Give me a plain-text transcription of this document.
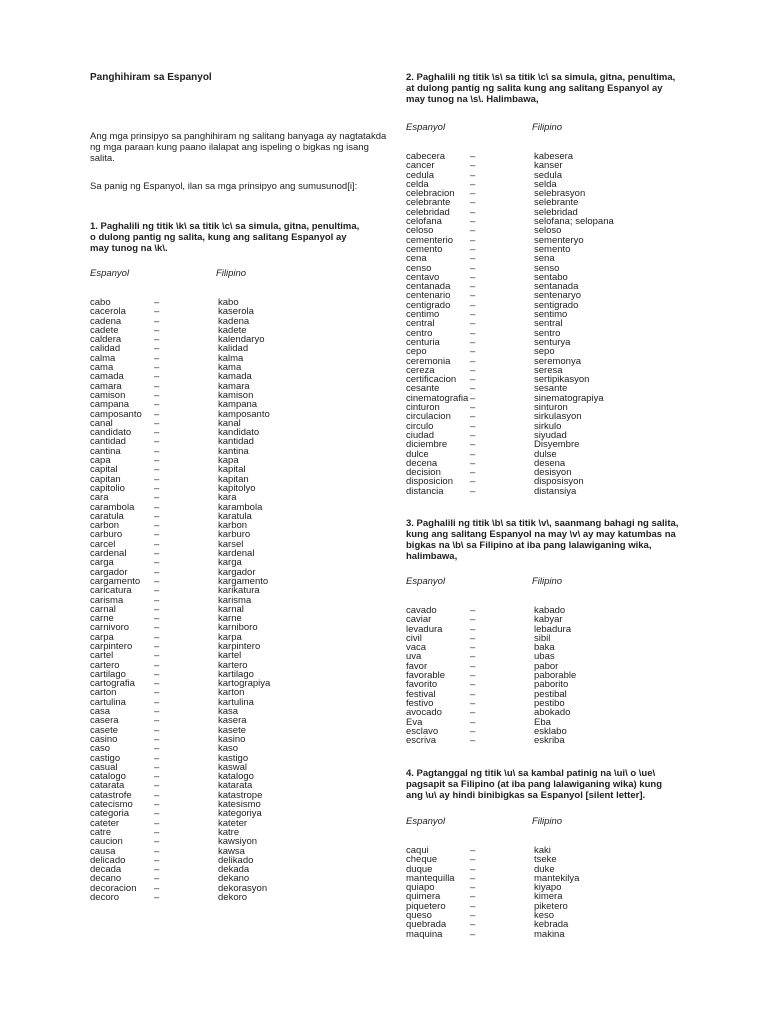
Panghihiram sa Espanyol
Ang mga prinsipyo sa panghihiram ng salitang banyaga ay nagtatakda ng mga paraan kung paano ilalapat ang ispeling o bigkas ng isang salita.
Sa panig ng Espanyol, ilan sa mga prinsipyo ang sumusunod[i]:
1. Paghalili ng titik \k\ sa titik \c\ sa simula, gitna, penultima, o dulong pantig ng salita, kung ang salitang Espanyol ay may tunog na \k\.
Espanyol	Filipino
cabo	–	kabo
cacerola	–	kaserola
cadena	–	kadena
cadete	–	kadete
caldera	–	kalendaryo
calidad	–	kalidad
calma	–	kalma
cama	–	kama
camada	–	kamada
camara	–	kamara
camison	–	kamison
campana	–	kampana
camposanto –	kamposanto
canal	–	kanal
candidato –	kandidato
cantidad	–	kantidad
cantina	–	kantina
capa	–	kapa
capital	–	kapital
capitan	–	kapitan
capitolio	–	kapitolyo
cara	–	kara
carambola –	karambola
caratula	–	karatula
carbon	–	karbon
carburo	–	karburo
carcel	–	karsel
cardenal	–	kardenal
carga	–	karga
cargador	–	kargador
cargamento –	kargamento
caricatura –	karikatura
carisma	–	karisma
carnal	–	karnal
carne	–	karne
carnivoro	–	karniboro
carpa	–	karpa
carpintero –	karpintero
cartel	–	kartel
cartero	–	kartero
cartilago	–	kartilago
cartografia –	kartograpiya
carton	–	karton
cartulina	–	kartulina
casa	–	kasa
casera	–	kasera
casete	–	kasete
casino	–	kasino
caso	–	kaso
castigo	–	kastigo
casual	–	kaswal
catalogo	–	katalogo
catarata	–	katarata
catastrofe –	katastrope
catecismo –	katesismo
categoria	–	kategoriya
cateter	–	kateter
catre	–	katre
caucion	–	kawsiyon
causa	–	kawsa
delicado	–	delikado
decada	–	dekada
decano	–	dekano
decoracion –	dekorasyon
decoro	–	dekoro
2. Paghalili ng titik \s\ sa titik \c\ sa simula, gitna, penultima, at dulong pantig ng salita kung ang salitang Espanyol ay may tunog na \s\. Halimbawa,
Espanyol	Filipino
cabecera	–	kabesera
cancer	–	kanser
cedula	–	sedula
celda	–	selda
celebracion –	selebrasyon
celebrante –	selebrante
celebridad –	selebridad
celofana	–	selofana; selopana
celoso	–	seloso
cementerio –	sementeryo
cemento	–	semento
cena	–	sena
censo	–	senso
centavo	–	sentabo
centanada –	sentanada
centenario –	sentenaryo
centigrado –	sentigrado
centimo	–	sentimo
central	–	sentral
centro	–	sentro
centuria	–	senturya
cepo	–	sepo
ceremonia –	seremonya
cereza	–	seresa
certificacion –	sertipikasyon
cesante	–	sesante
cinematografia –	sinematograpiya
cinturon	–	sinturon
circulacion –	sirkulasyon
circulo	–	sirkulo
ciudad	–	siyudad
diciembre –	Disyembre
dulce	–	dulse
decena	–	desena
decision	–	desisyon
disposicion –	disposisyon
distancia	–	distansiya
3. Paghalili ng titik \b\ sa titik \v\, saanmang bahagi ng salita, kung ang salitang Espanyol na may \v\ ay may katumbas na bigkas na \b\ sa Filipino at iba pang lalawiganing wika, halimbawa,
Espanyol	Filipino
cavado	–	kabado
caviar	–	kabyar
levadura	–	lebadura
civil	–	sibil
vaca	–	baka
uva	–	ubas
favor	–	pabor
favorable	–	paborable
favorito	–	paborito
festival	–	pestibal
festivo	–	pestibo
avocado	–	abokado
Eva	–	Eba
esclavo	–	esklabo
escriva	–	eskriba
4. Pagtanggal ng titik \u\ sa kambal patinig na \ui\ o \ue\ pagsapit sa Filipino (at iba pang lalawiganing wika) kung ang \u\ ay hindi binibigkas sa Espanyol [silent letter].
Espanyol	Filipino
caqui	–	kaki
cheque	–	tseke
duque	–	duke
mantequilla –	mantekilya
quiapo	–	kiyapo
quimera	–	kimera
piquetero	–	piketero
queso	–	keso
quebrada	–	kebrada
maquina	–	makina
